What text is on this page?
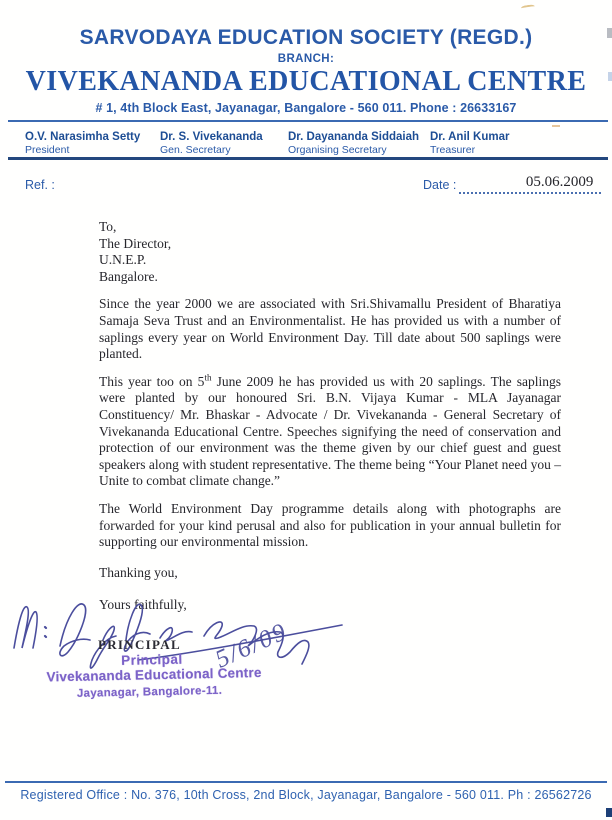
SARVODAYA EDUCATION SOCIETY (REGD.)
BRANCH:
VIVEKANANDA EDUCATIONAL CENTRE
# 1, 4th Block East, Jayanagar, Bangalore - 560 011. Phone : 26633167
O.V. Narasimha Setty
President
Dr. S. Vivekananda
Gen. Secretary
Dr. Dayananda Siddaiah
Organising Secretary
Dr. Anil Kumar
Treasurer
Ref. :	Date :	05.06.2009

To,

The Director,

U.N.E.P.

Bangalore.

Since the year 2000 we are associated with Sri.Shivamallu President of Bharatiya Samaja Seva Trust and an Environmentalist. He has provided us with a number of saplings every year on World Environment Day. Till date about 500 saplings were planted.

This year too on 5th June 2009 he has provided us with 20 saplings. The saplings were planted by our honoured Sri. B.N. Vijaya Kumar - MLA Jayanagar Constituency/ Mr. Bhaskar - Advocate / Dr. Vivekananda - General Secretary of Vivekananda Educational Centre. Speeches signifying the need of conservation and protection of our environment was the theme given by our chief guest and guest speakers along with student representative. The theme being “Your Planet need you – Unite to combat climate change.”

The World Environment Day programme details along with photographs are forwarded for your kind perusal and also for publication in your annual bulletin for supporting our environmental mission.

Thanking you,

Yours faithfully,

5/6/09
PRINCIPAL
Principal
Vivekananda Educational Centre
Jayanagar, Bangalore-11.
Registered Office : No. 376, 10th Cross, 2nd Block, Jayanagar, Bangalore - 560 011. Ph : 26562726
